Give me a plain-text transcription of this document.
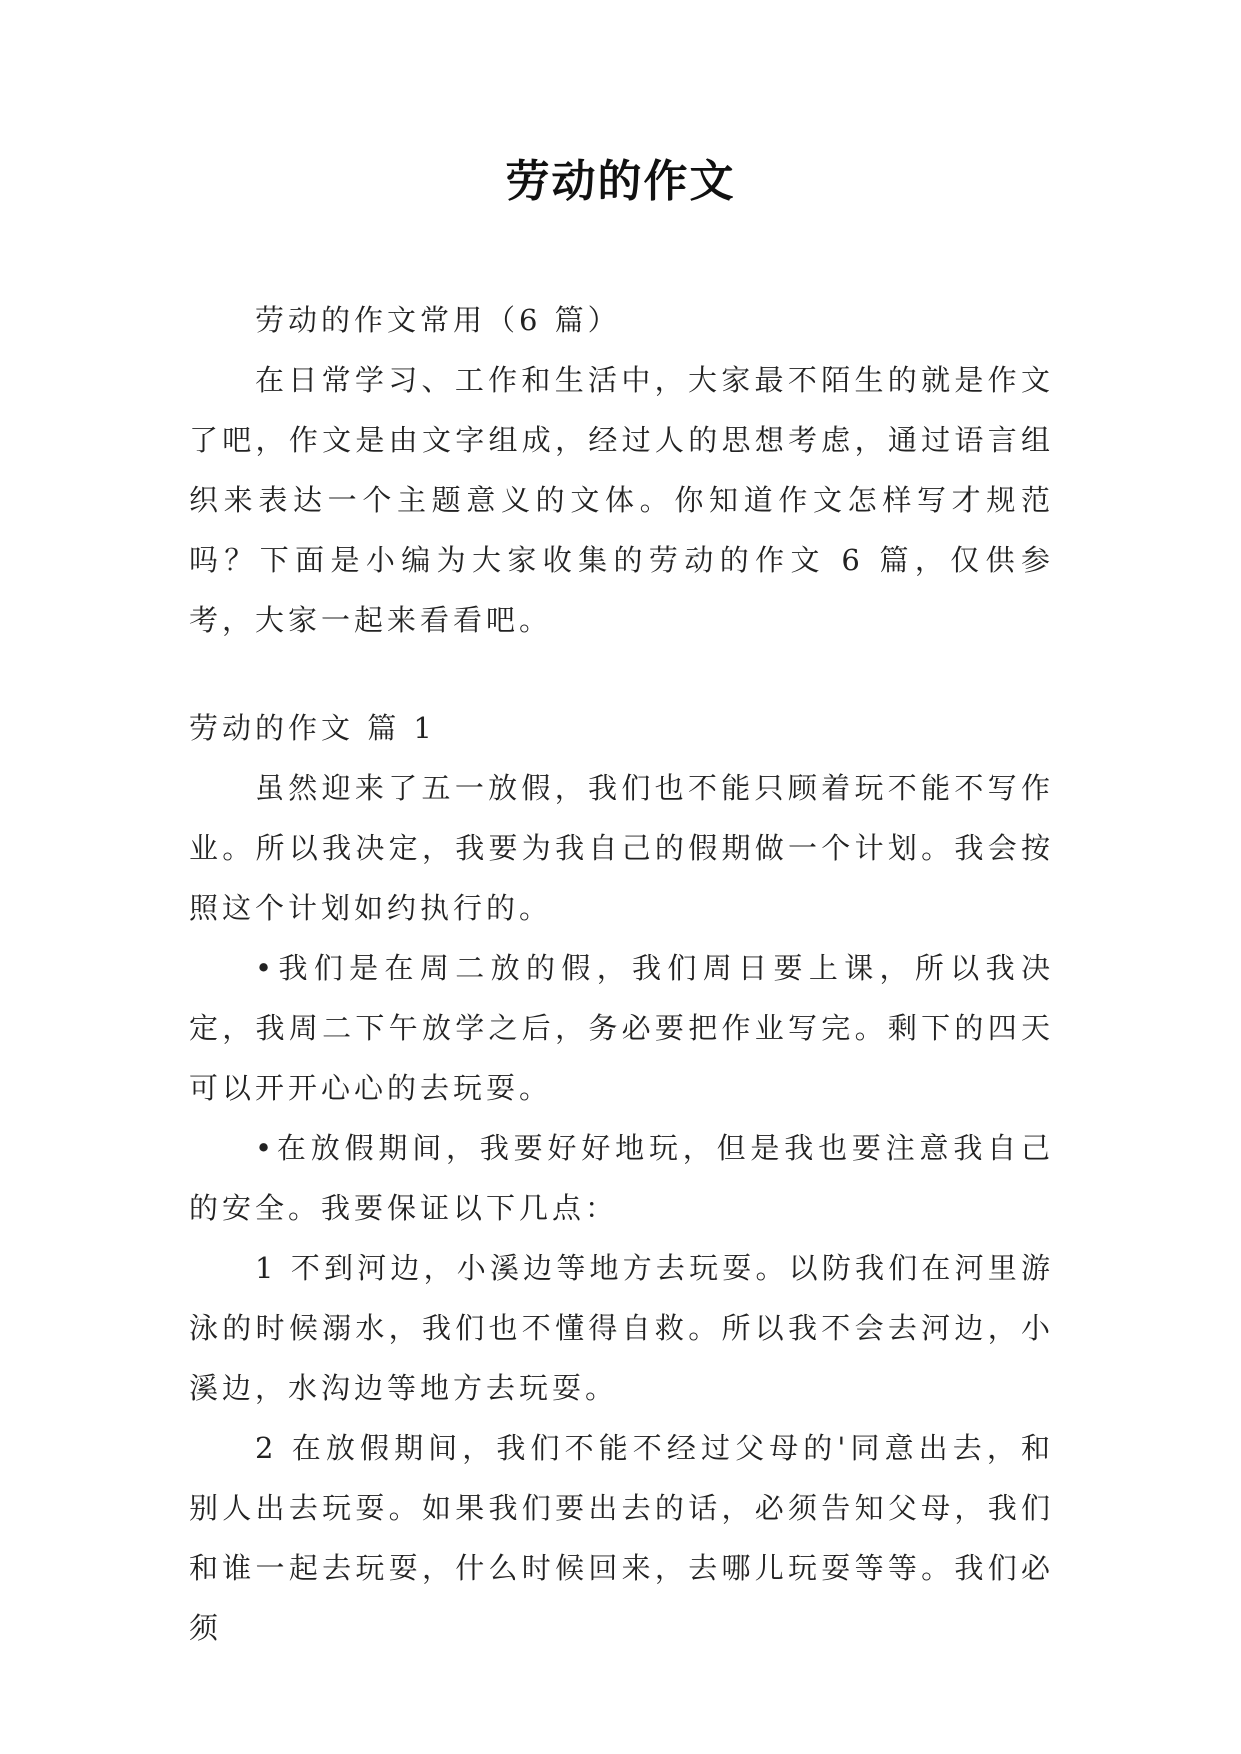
劳动的作文

劳动的作文常用（6 篇）

在日常学习、工作和生活中，大家最不陌生的就是作文了吧，作文是由文字组成，经过人的思想考虑，通过语言组织来表达一个主题意义的文体。你知道作文怎样写才规范吗？下面是小编为大家收集的劳动的作文 6 篇，仅供参考，大家一起来看看吧。

劳动的作文 篇 1

虽然迎来了五一放假，我们也不能只顾着玩不能不写作业。所以我决定，我要为我自己的假期做一个计划。我会按照这个计划如约执行的。

•我们是在周二放的假，我们周日要上课，所以我决定，我周二下午放学之后，务必要把作业写完。剩下的四天可以开开心心的去玩耍。

•在放假期间，我要好好地玩，但是我也要注意我自己的安全。我要保证以下几点：

1 不到河边，小溪边等地方去玩耍。以防我们在河里游泳的时候溺水，我们也不懂得自救。所以我不会去河边，小溪边，水沟边等地方去玩耍。

2 在放假期间，我们不能不经过父母的'同意出去，和别人出去玩耍。如果我们要出去的话，必须告知父母，我们和谁一起去玩耍，什么时候回来，去哪儿玩耍等等。我们必须
